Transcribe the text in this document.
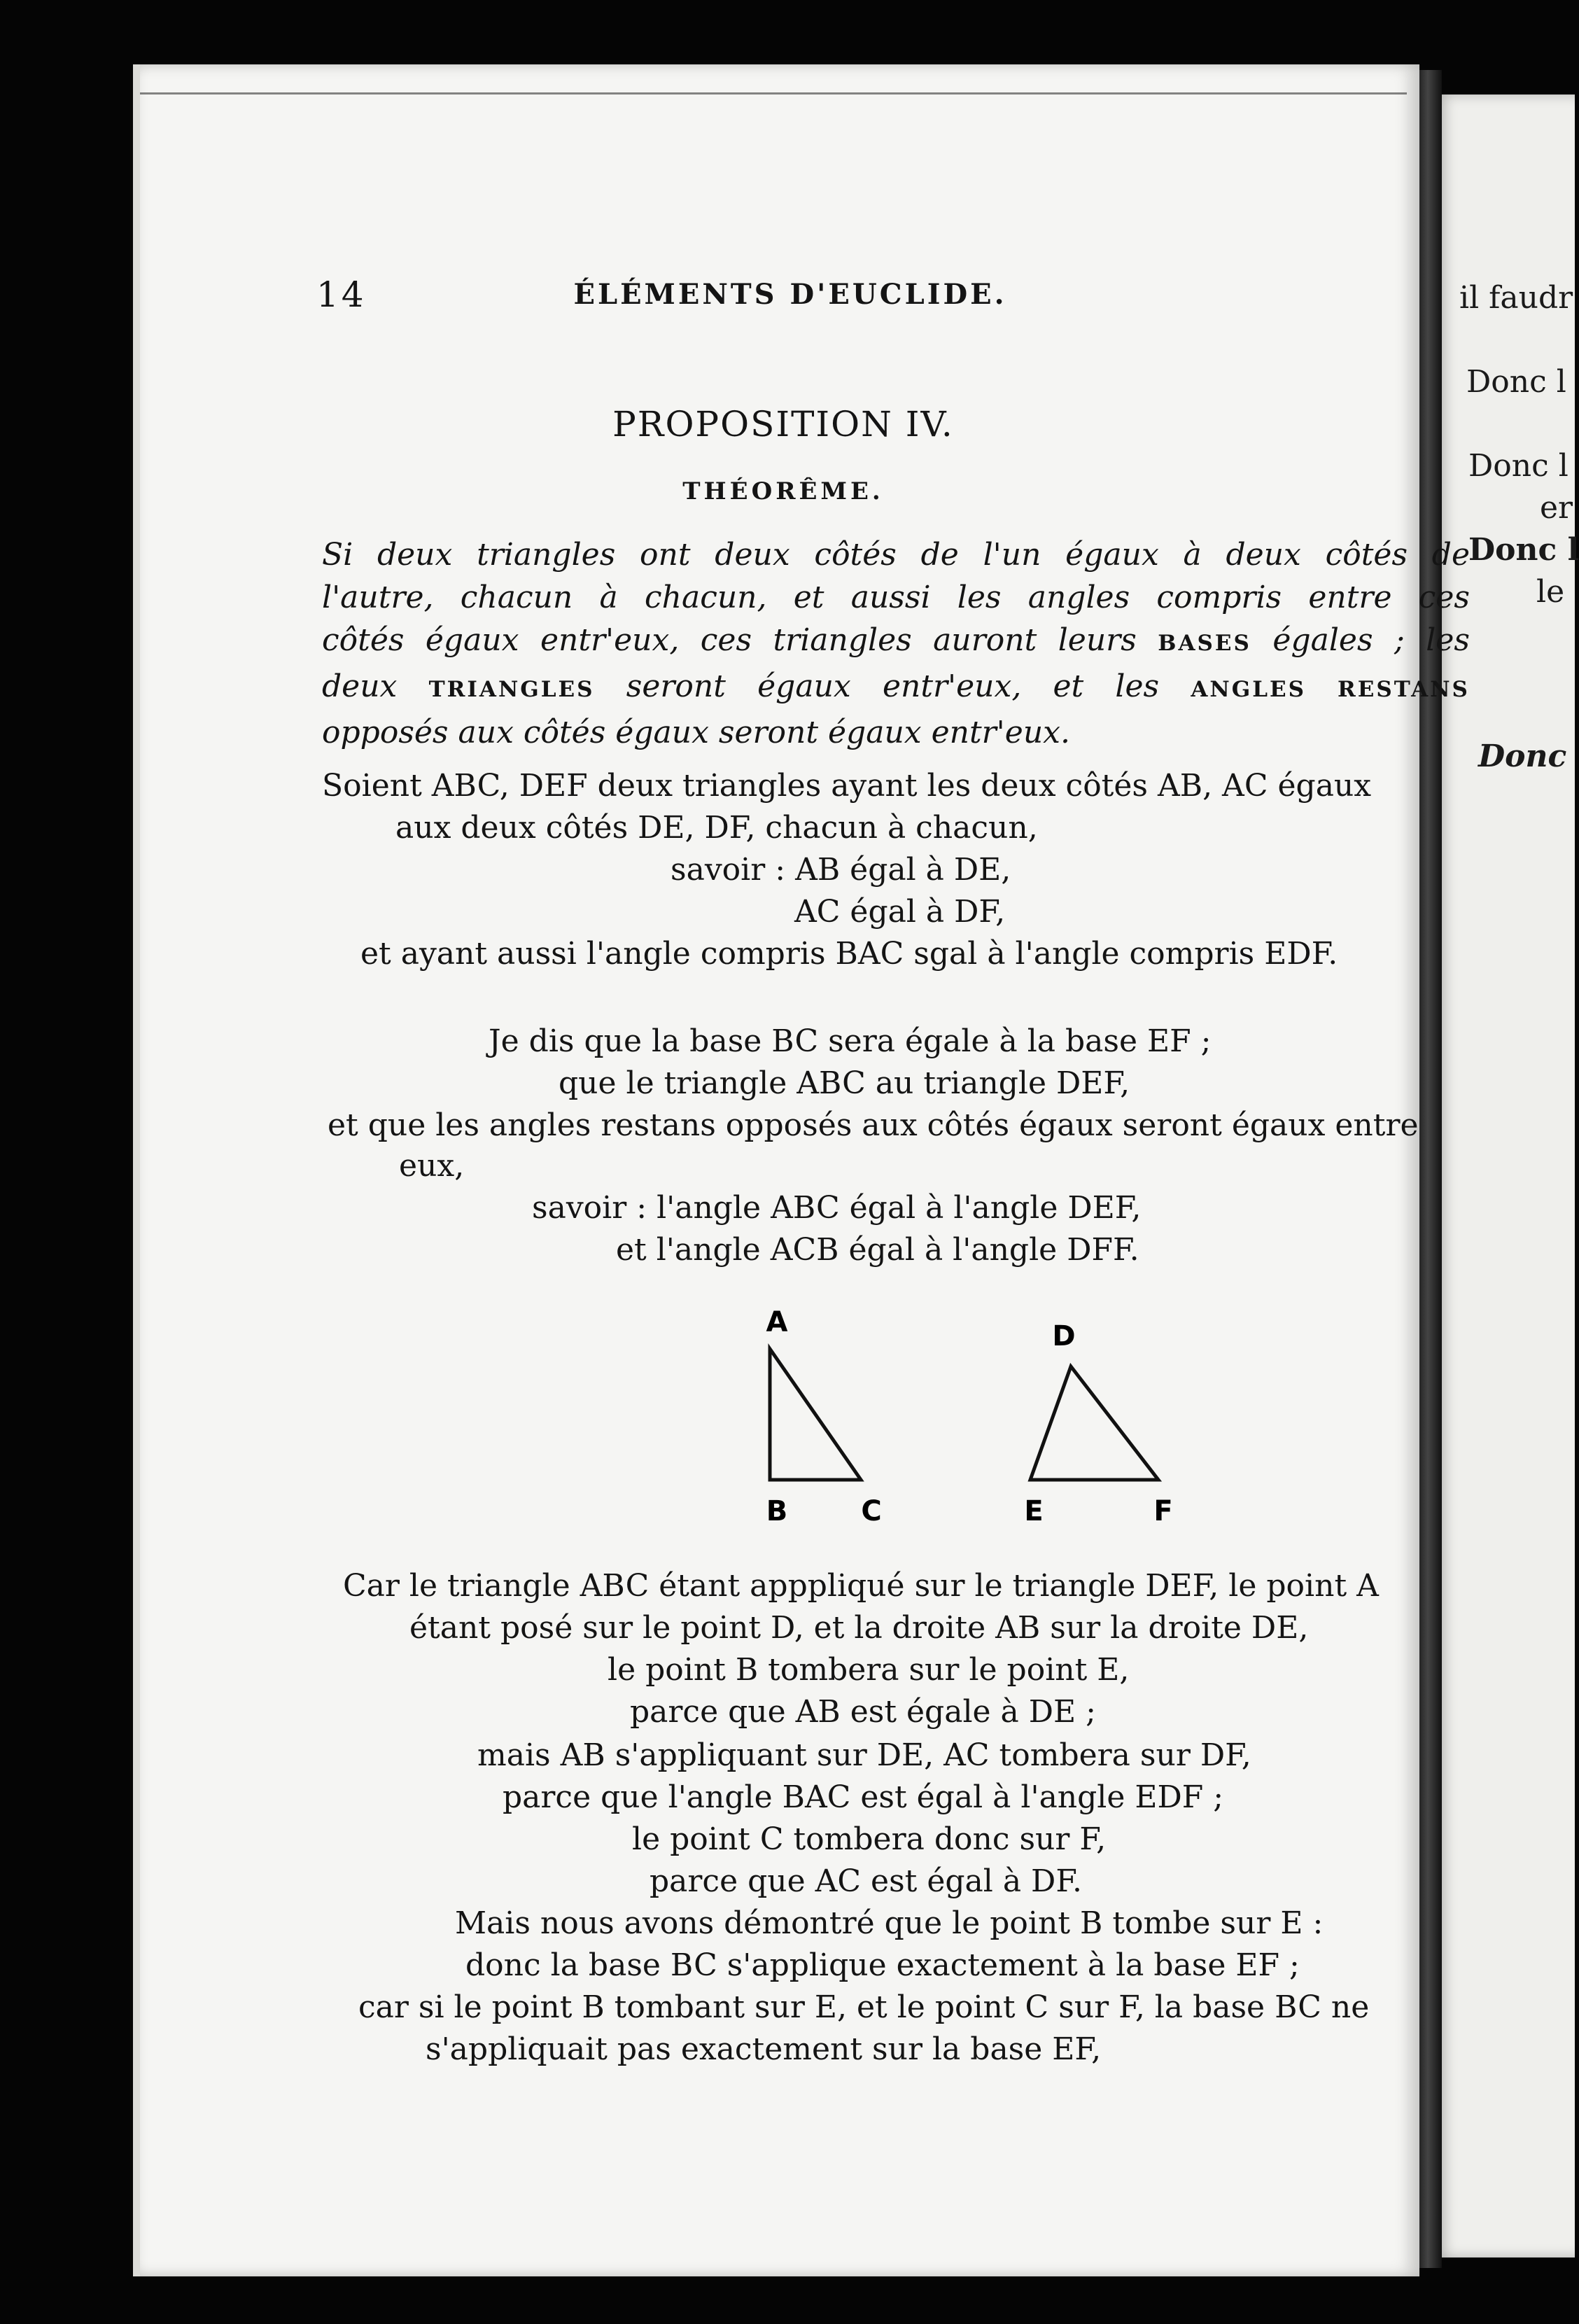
il faudr
Donc l
Donc l
er
Donc l
le
Donc
14	ÉLÉMENTS D'EUCLIDE.
PROPOSITION IV.
THÉORÊME.
Si deux triangles ont deux côtés de l'un égaux à deux côtés de
l'autre, chacun à chacun, et aussi les angles compris entre ces
côtés égaux entr'eux, ces triangles auront leurs BASES égales ; les
deux TRIANGLES seront égaux entr'eux, et les ANGLES RESTANS
opposés aux côtés égaux seront égaux entr'eux.
Soient ABC, DEF deux triangles ayant les deux côtés AB, AC égaux
aux deux côtés DE, DF, chacun à chacun,
savoir : AB égal à DE,
AC égal à DF,
et ayant aussi l'angle compris BAC sgal à l'angle compris EDF.
Je dis que la base BC sera égale à la base EF ;
que le triangle ABC au triangle DEF,
et que les angles restans opposés aux côtés égaux seront égaux entre
eux,
savoir : l'angle ABC égal à l'angle DEF,
et l'angle ACB égal à l'angle DFF.
A
B	C
D
E	F
Car le triangle ABC étant apppliqué sur le triangle DEF, le point A
étant posé sur le point D, et la droite AB sur la droite DE,
le point B tombera sur le point E,
parce que AB est égale à DE ;
mais AB s'appliquant sur DE, AC tombera sur DF,
parce que l'angle BAC est égal à l'angle EDF ;
le point C tombera donc sur F,
parce que AC est égal à DF.
Mais nous avons démontré que le point B tombe sur E :
donc la base BC s'applique exactement à la base EF ;
car si le point B tombant sur E, et le point C sur F, la base BC ne
s'appliquait pas exactement sur la base EF,
